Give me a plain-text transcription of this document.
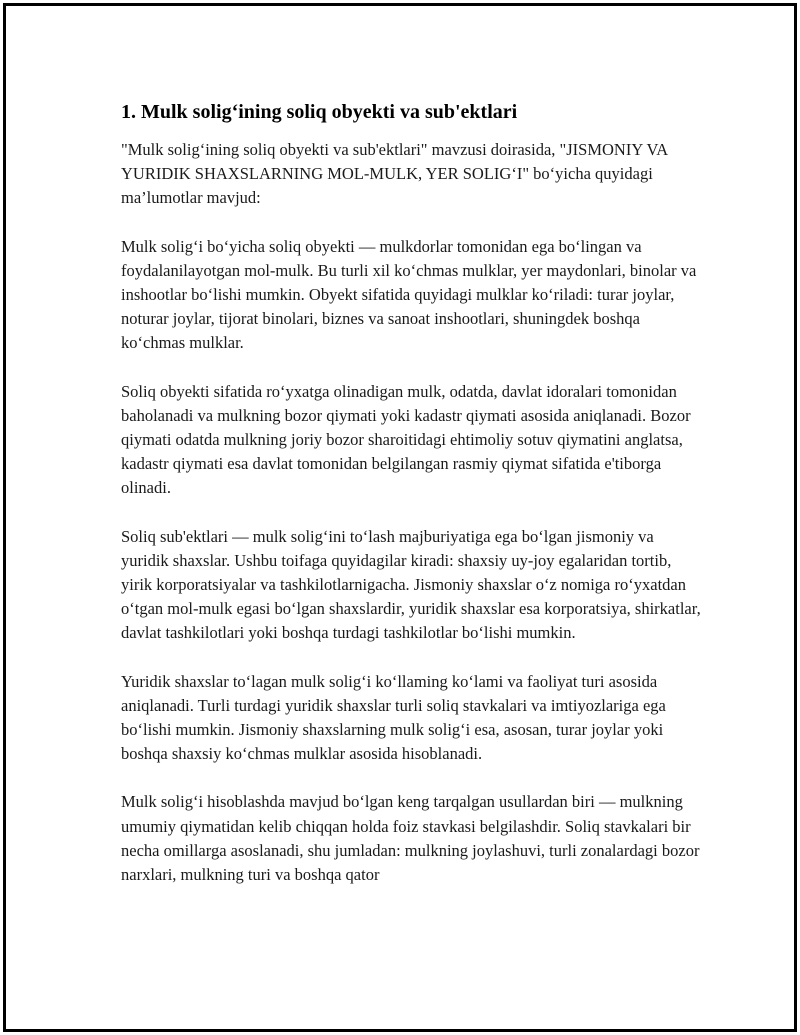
1. Mulk solig‘ining soliq obyekti va sub'ektlari

"Mulk solig‘ining soliq obyekti va sub'ektlari" mavzusi doirasida, "JISMONIY VA YURIDIK SHAXSLARNING MOL-MULK, YER SOLIG‘I" bo‘yicha quyidagi ma’lumotlar mavjud:

Mulk solig‘i bo‘yicha soliq obyekti — mulkdorlar tomonidan ega bo‘lingan va foydalanilayotgan mol-mulk. Bu turli xil ko‘chmas mulklar, yer maydonlari, binolar va inshootlar bo‘lishi mumkin. Obyekt sifatida quyidagi mulklar ko‘riladi: turar joylar, noturar joylar, tijorat binolari, biznes va sanoat inshootlari, shuningdek boshqa ko‘chmas mulklar.

Soliq obyekti sifatida ro‘yxatga olinadigan mulk, odatda, davlat idoralari tomonidan baholanadi va mulkning bozor qiymati yoki kadastr qiymati asosida aniqlanadi. Bozor qiymati odatda mulkning joriy bozor sharoitidagi ehtimoliy sotuv qiymatini anglatsa, kadastr qiymati esa davlat tomonidan belgilangan rasmiy qiymat sifatida e'tiborga olinadi.

Soliq sub'ektlari — mulk solig‘ini to‘lash majburiyatiga ega bo‘lgan jismoniy va yuridik shaxslar. Ushbu toifaga quyidagilar kiradi: shaxsiy uy-joy egalaridan tortib, yirik korporatsiyalar va tashkilotlarnigacha. Jismoniy shaxslar o‘z nomiga ro‘yxatdan o‘tgan mol-mulk egasi bo‘lgan shaxslardir, yuridik shaxslar esa korporatsiya, shirkatlar, davlat tashkilotlari yoki boshqa turdagi tashkilotlar bo‘lishi mumkin.

Yuridik shaxslar to‘lagan mulk solig‘i ko‘llaming ko‘lami va faoliyat turi asosida aniqlanadi. Turli turdagi yuridik shaxslar turli soliq stavkalari va imtiyozlariga ega bo‘lishi mumkin. Jismoniy shaxslarning mulk solig‘i esa, asosan, turar joylar yoki boshqa shaxsiy ko‘chmas mulklar asosida hisoblanadi.

Mulk solig‘i hisoblashda mavjud bo‘lgan keng tarqalgan usullardan biri — mulkning umumiy qiymatidan kelib chiqqan holda foiz stavkasi belgilashdir. Soliq stavkalari bir necha omillarga asoslanadi, shu jumladan: mulkning joylashuvi, turli zonalardagi bozor narxlari, mulkning turi va boshqa qator
